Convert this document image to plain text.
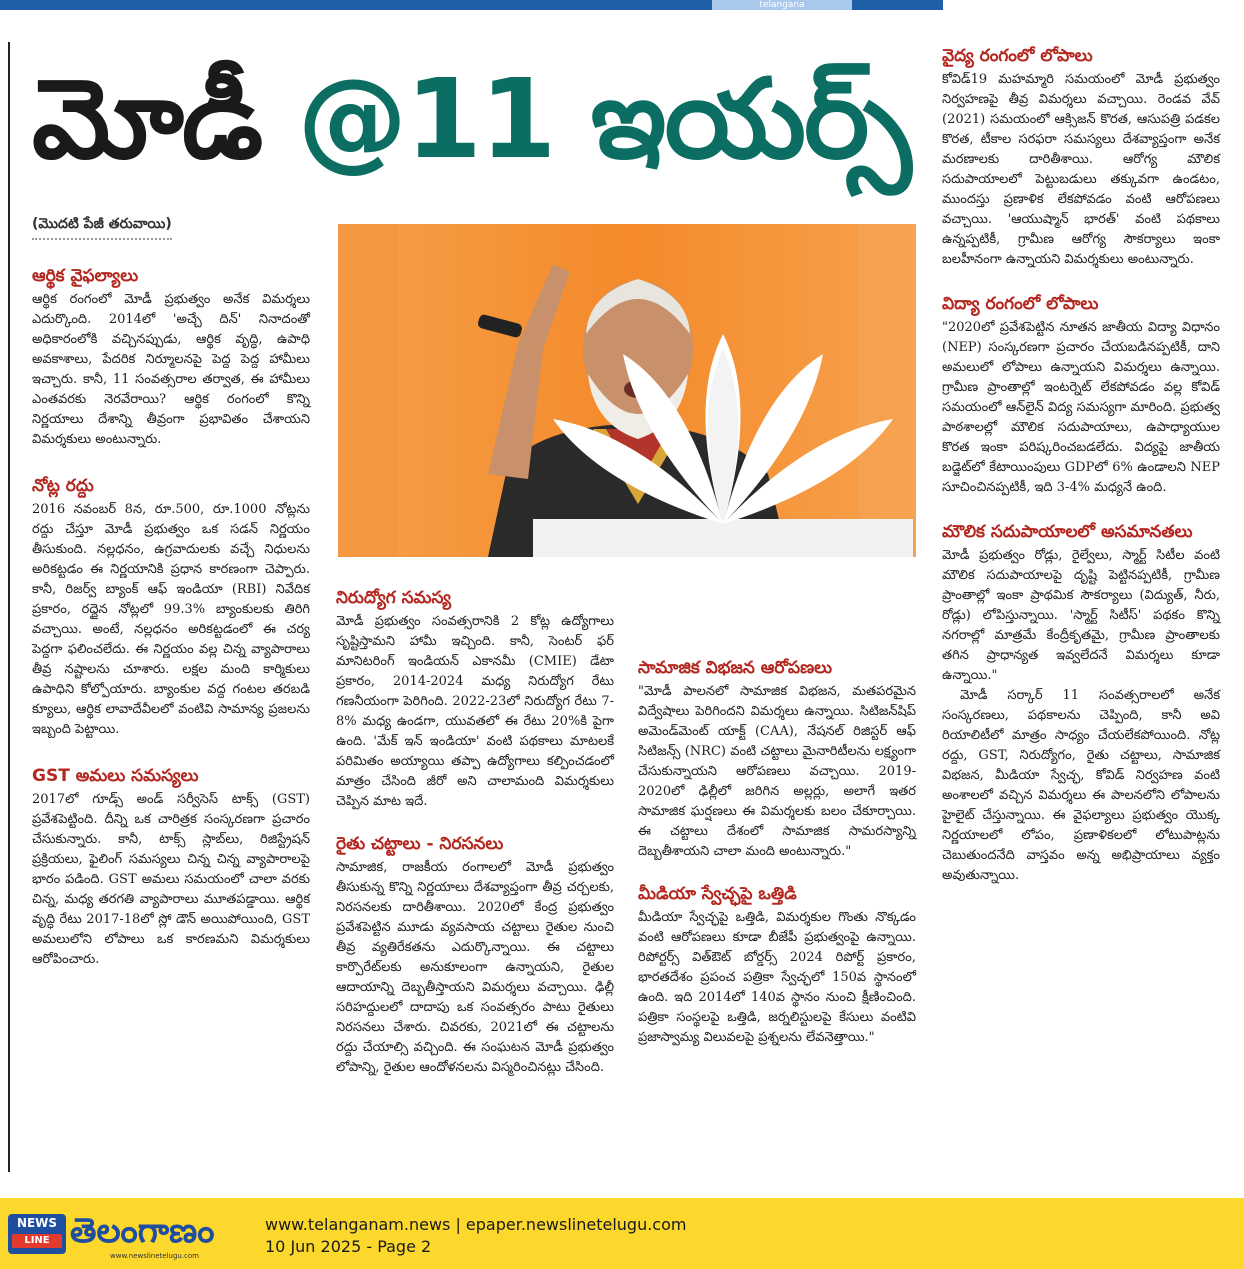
telangana
మోడీ @11 ఇయర్స్
(మొదటి పేజీ తరువాయి)
ఆర్థిక వైఫల్యాలు

ఆర్థిక రంగంలో మోడీ ప్రభుత్వం అనేక విమర్శలు ఎదుర్కొంది. 2014లో 'అచ్చే దిన్' నినాదంతో అధికారంలోకి వచ్చినప్పుడు, ఆర్థిక వృద్ధి, ఉపాధి అవకాశాలు, పేదరిక నిర్మూలనపై పెద్ద పెద్ద హామీలు ఇచ్చారు. కానీ, 11 సంవత్సరాల తర్వాత, ఈ హామీలు ఎంతవరకు నెరవేరాయి? ఆర్థిక రంగంలో కొన్ని నిర్ణయాలు దేశాన్ని తీవ్రంగా ప్రభావితం చేశాయని విమర్శకులు అంటున్నారు.

నోట్ల రద్దు

2016 నవంబర్ 8న, రూ.500, రూ.1000 నోట్లను రద్దు చేస్తూ మోడీ ప్రభుత్వం ఒక సడన్ నిర్ణయం తీసుకుంది. నల్లధనం, ఉగ్రవాదులకు వచ్చే నిధులను అరికట్టడం ఈ నిర్ణయానికి ప్రధాన కారణంగా చెప్పారు. కానీ, రిజర్వ్ బ్యాంక్ ఆఫ్ ఇండియా (RBI) నివేదిక ప్రకారం, రద్దైన నోట్లలో 99.3% బ్యాంకులకు తిరిగి వచ్చాయి. అంటే, నల్లధనం అరికట్టడంలో ఈ చర్య పెద్దగా ఫలించలేదు. ఈ నిర్ణయం వల్ల చిన్న వ్యాపారాలు తీవ్ర నష్టాలను చూశారు. లక్షల మంది కార్మికులు ఉపాధిని కోల్పోయారు. బ్యాంకుల వద్ద గంటల తరబడి క్యూలు, ఆర్థిక లావాదేవీలలో వంటివి సామాన్య ప్రజలను ఇబ్బంది పెట్టాయి.

GST అమలు సమస్యలు

2017లో గూడ్స్ అండ్ సర్వీసెస్ టాక్స్ (GST) ప్రవేశపెట్టింది. దీన్ని ఒక చారిత్రక సంస్కరణగా ప్రచారం చేసుకున్నారు. కానీ, టాక్స్ స్లాబ్‌లు, రిజిస్ట్రేషన్ ప్రక్రియలు, ఫైలింగ్ సమస్యలు చిన్న చిన్న వ్యాపారాలపై భారం పడింది. GST అమలు సమయంలో చాలా వరకు చిన్న, మధ్య తరగతి వ్యాపారాలు మూతపడ్డాయి. ఆర్థిక వృద్ధి రేటు 2017-18లో స్లో డౌన్ అయిపోయింది, GST అమలులోని లోపాలు ఒక కారణమని విమర్శకులు ఆరోపించారు.

నిరుద్యోగ సమస్య

మోడీ ప్రభుత్వం సంవత్సరానికి 2 కోట్ల ఉద్యోగాలు సృష్టిస్తామని హామీ ఇచ్చింది. కానీ, సెంటర్ ఫర్ మానిటరింగ్ ఇండియన్ ఎకానమీ (CMIE) డేటా ప్రకారం, 2014-2024 మధ్య నిరుద్యోగ రేటు గణనీయంగా పెరిగింది. 2022-23లో నిరుద్యోగ రేటు 7-8% మధ్య ఉండగా, యువతలో ఈ రేటు 20%కి పైగా ఉంది. 'మేక్ ఇన్ ఇండియా' వంటి పథకాలు మాటలకే పరిమితం అయ్యాయి తప్పా ఉద్యోగాలు కల్పించడంలో మాత్రం చేసింది జీరో అని చాలామంది విమర్శకులు చెప్పిన మాట ఇదే.

రైతు చట్టాలు - నిరసనలు

సామాజిక, రాజకీయ రంగాలలో మోడీ ప్రభుత్వం తీసుకున్న కొన్ని నిర్ణయాలు దేశవ్యాప్తంగా తీవ్ర చర్చలకు, నిరసనలకు దారితీశాయి. 2020లో కేంద్ర ప్రభుత్వం ప్రవేశపెట్టిన మూడు వ్యవసాయ చట్టాలు రైతుల నుంచి తీవ్ర వ్యతిరేకతను ఎదుర్కొన్నాయి. ఈ చట్టాలు కార్పొరేట్‌లకు అనుకూలంగా ఉన్నాయని, రైతుల ఆదాయాన్ని దెబ్బతీస్తాయని విమర్శలు వచ్చాయి. ఢిల్లీ సరిహద్దులలో దాదాపు ఒక సంవత్సరం పాటు రైతులు నిరసనలు చేశారు. చివరకు, 2021లో ఈ చట్టాలను రద్దు చేయాల్సి వచ్చింది. ఈ సంఘటన మోడీ ప్రభుత్వం లోపాన్ని, రైతుల ఆందోళనలను విస్మరించినట్లు చేసింది.

సామాజిక విభజన ఆరోపణలు

"మోడీ పాలనలో సామాజిక విభజన, మతపరమైన విద్వేషాలు పెరిగిందని విమర్శలు ఉన్నాయి. సిటిజన్‌షిప్ అమెండ్‌మెంట్ యాక్ట్ (CAA), నేషనల్ రిజిస్టర్ ఆఫ్ సిటిజన్స్ (NRC) వంటి చట్టాలు మైనారిటీలను లక్ష్యంగా చేసుకున్నాయని ఆరోపణలు వచ్చాయి. 2019-2020లో ఢిల్లీలో జరిగిన అల్లర్లు, అలాగే ఇతర సామాజిక ఘర్షణలు ఈ విమర్శలకు బలం చేకూర్చాయి. ఈ చట్టాలు దేశంలో సామాజిక సామరస్యాన్ని దెబ్బతీశాయని చాలా మంది అంటున్నారు."

మీడియా స్వేచ్ఛపై ఒత్తిడి

మీడియా స్వేచ్ఛపై ఒత్తిడి, విమర్శకుల గొంతు నొక్కడం వంటి ఆరోపణలు కూడా బీజేపీ ప్రభుత్వంపై ఉన్నాయి. రిపోర్టర్స్ విత్‌ఔట్ బోర్డర్స్ 2024 రిపోర్ట్ ప్రకారం, భారతదేశం ప్రపంచ పత్రికా స్వేచ్ఛలో 150వ స్థానంలో ఉంది. ఇది 2014లో 140వ స్థానం నుంచి క్షీణించింది. పత్రికా సంస్థలపై ఒత్తిడి, జర్నలిస్టులపై కేసులు వంటివి ప్రజాస్వామ్య విలువలపై ప్రశ్నలను లేవనెత్తాయి."

వైద్య రంగంలో లోపాలు

కోవిడ్19 మహమ్మారి సమయంలో మోడీ ప్రభుత్వం నిర్వహణపై తీవ్ర విమర్శలు వచ్చాయి. రెండవ వేవ్ (2021) సమయంలో ఆక్సిజన్ కొరత, ఆసుపత్రి పడకల కొరత, టీకాల సరఫరా సమస్యలు దేశవ్యాప్తంగా అనేక మరణాలకు దారితీశాయి. ఆరోగ్య మౌలిక సదుపాయాలలో పెట్టుబడులు తక్కువగా ఉండటం, ముందస్తు ప్రణాళిక లేకపోవడం వంటి ఆరోపణలు వచ్చాయి. 'ఆయుష్మాన్ భారత్' వంటి పథకాలు ఉన్నప్పటికీ, గ్రామీణ ఆరోగ్య సౌకర్యాలు ఇంకా బలహీనంగా ఉన్నాయని విమర్శకులు అంటున్నారు.

విద్యా రంగంలో లోపాలు

"2020లో ప్రవేశపెట్టిన నూతన జాతీయ విద్యా విధానం (NEP) సంస్కరణగా ప్రచారం చేయబడినప్పటికీ, దాని అమలులో లోపాలు ఉన్నాయని విమర్శలు ఉన్నాయి. గ్రామీణ ప్రాంతాల్లో ఇంటర్నెట్ లేకపోవడం వల్ల కోవిడ్ సమయంలో ఆన్‌లైన్ విద్య సమస్యగా మారింది. ప్రభుత్వ పాఠశాలల్లో మౌలిక సదుపాయాలు, ఉపాధ్యాయుల కొరత ఇంకా పరిష్కరించబడలేదు. విద్యపై జాతీయ బడ్జెట్‌లో కేటాయింపులు GDPలో 6% ఉండాలని NEP సూచించినప్పటికీ, ఇది 3-4% మధ్యనే ఉంది.

మౌలిక సదుపాయాలలో అసమానతలు

మోడీ ప్రభుత్వం రోడ్లు, రైల్వేలు, స్మార్ట్ సిటీల వంటి మౌలిక సదుపాయాలపై దృష్టి పెట్టినప్పటికీ, గ్రామీణ ప్రాంతాల్లో ఇంకా ప్రాథమిక సౌకర్యాలు (విద్యుత్, నీరు, రోడ్లు) లోపిస్తున్నాయి. 'స్మార్ట్ సిటీస్' పథకం కొన్ని నగరాల్లో మాత్రమే కేంద్రీకృతమై, గ్రామీణ ప్రాంతాలకు తగిన ప్రాధాన్యత ఇవ్వలేదనే విమర్శలు కూడా ఉన్నాయి."

మోడీ సర్కార్ 11 సంవత్సరాలలో అనేక సంస్కరణలు, పథకాలను చెప్పింది, కానీ అవి రియాలిటీలో మాత్రం సాధ్యం చేయలేకపోయింది. నోట్ల రద్దు, GST, నిరుద్యోగం, రైతు చట్టాలు, సామాజిక విభజన, మీడియా స్వేచ్ఛ, కోవిడ్ నిర్వహణ వంటి అంశాలలో వచ్చిన విమర్శలు ఈ పాలనలోని లోపాలను హైలైట్ చేస్తున్నాయి. ఈ వైఫల్యాలు ప్రభుత్వం యొక్క నిర్ణయాలలో లోపం, ప్రణాళికలలో లోటుపాట్లను చెబుతుందనేది వాస్తవం అన్న అభిప్రాయాలు వ్యక్తం అవుతున్నాయి.

NEWS
LINE తెలంగాణం
www.newslinetelugu.com
www.telanganam.news | epaper.newslinetelugu.com
10 Jun 2025 - Page 2
